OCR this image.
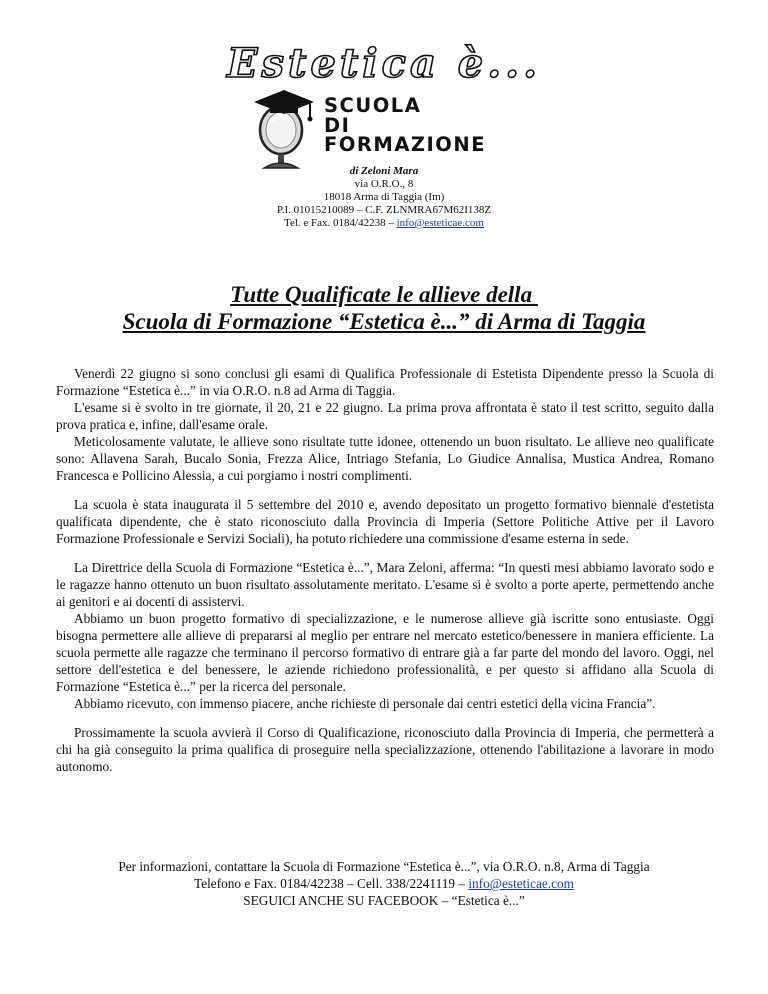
Estetica è...
SCUOLA
DI
FORMAZIONE
di Zeloni Mara
via O.R.O., 8
18018 Arma di Taggia (Im)
P.I. 01015210089 – C.F. ZLNMRA67M62I138Z
Tel. e Fax. 0184/42238 – info@esteticae.com
Tutte Qualificate le allieve della
Scuola di Formazione “Estetica è...” di Arma di Taggia

Venerdì 22 giugno si sono conclusi gli esami di Qualifica Professionale di Estetista Dipendente presso la Scuola di Formazione “Estetica è...” in via O.R.O. n.8 ad Arma di Taggia.

L'esame si è svolto in tre giornate, il 20, 21 e 22 giugno. La prima prova affrontata è stato il test scritto, seguito dalla prova pratica e, infine, dall'esame orale.

Meticolosamente valutate, le allieve sono risultate tutte idonee, ottenendo un buon risultato. Le allieve neo qualificate sono: Allavena Sarah, Bucalo Sonia, Frezza Alice, Intriago Stefania, Lo Giudice Annalisa, Mustica Andrea, Romano Francesca e Pollicino Alessia, a cui porgiamo i nostri complimenti.

La scuola è stata inaugurata il 5 settembre del 2010 e, avendo depositato un progetto formativo biennale d'estetista qualificata dipendente, che è stato riconosciuto dalla Provincia di Imperia (Settore Politiche Attive per il Lavoro Formazione Professionale e Servizi Sociali), ha potuto richiedere una commissione d'esame esterna in sede.

La Direttrice della Scuola di Formazione “Estetica è...”, Mara Zeloni, afferma: “In questi mesi abbiamo lavorato sodo e le ragazze hanno ottenuto un buon risultato assolutamente meritato. L'esame si è svolto a porte aperte, permettendo anche ai genitori e ai docenti di assistervi.

Abbiamo un buon progetto formativo di specializzazione, e le numerose allieve già iscritte sono entusiaste. Oggi bisogna permettere alle allieve di prepararsi al meglio per entrare nel mercato estetico/benessere in maniera efficiente. La scuola permette alle ragazze che terminano il percorso formativo di entrare già a far parte del mondo del lavoro. Oggi, nel settore dell'estetica e del benessere, le aziende richiedono professionalità, e per questo si affidano alla Scuola di Formazione “Estetica è...” per la ricerca del personale.

Abbiamo ricevuto, con immenso piacere, anche richieste di personale dai centri estetici della vicina Francia”.

Prossimamente la scuola avvierà il Corso di Qualificazione, riconosciuto dalla Provincia di Imperia, che permetterà a chi ha già conseguito la prima qualifica di proseguire nella specializzazione, ottenendo l'abilitazione a lavorare in modo autonomo.

Per informazioni, contattare la Scuola di Formazione “Estetica è...”, via O.R.O. n.8, Arma di Taggia
Telefono e Fax. 0184/42238 – Cell. 338/2241119 – info@esteticae.com
SEGUICI ANCHE SU FACEBOOK – “Estetica è...”
